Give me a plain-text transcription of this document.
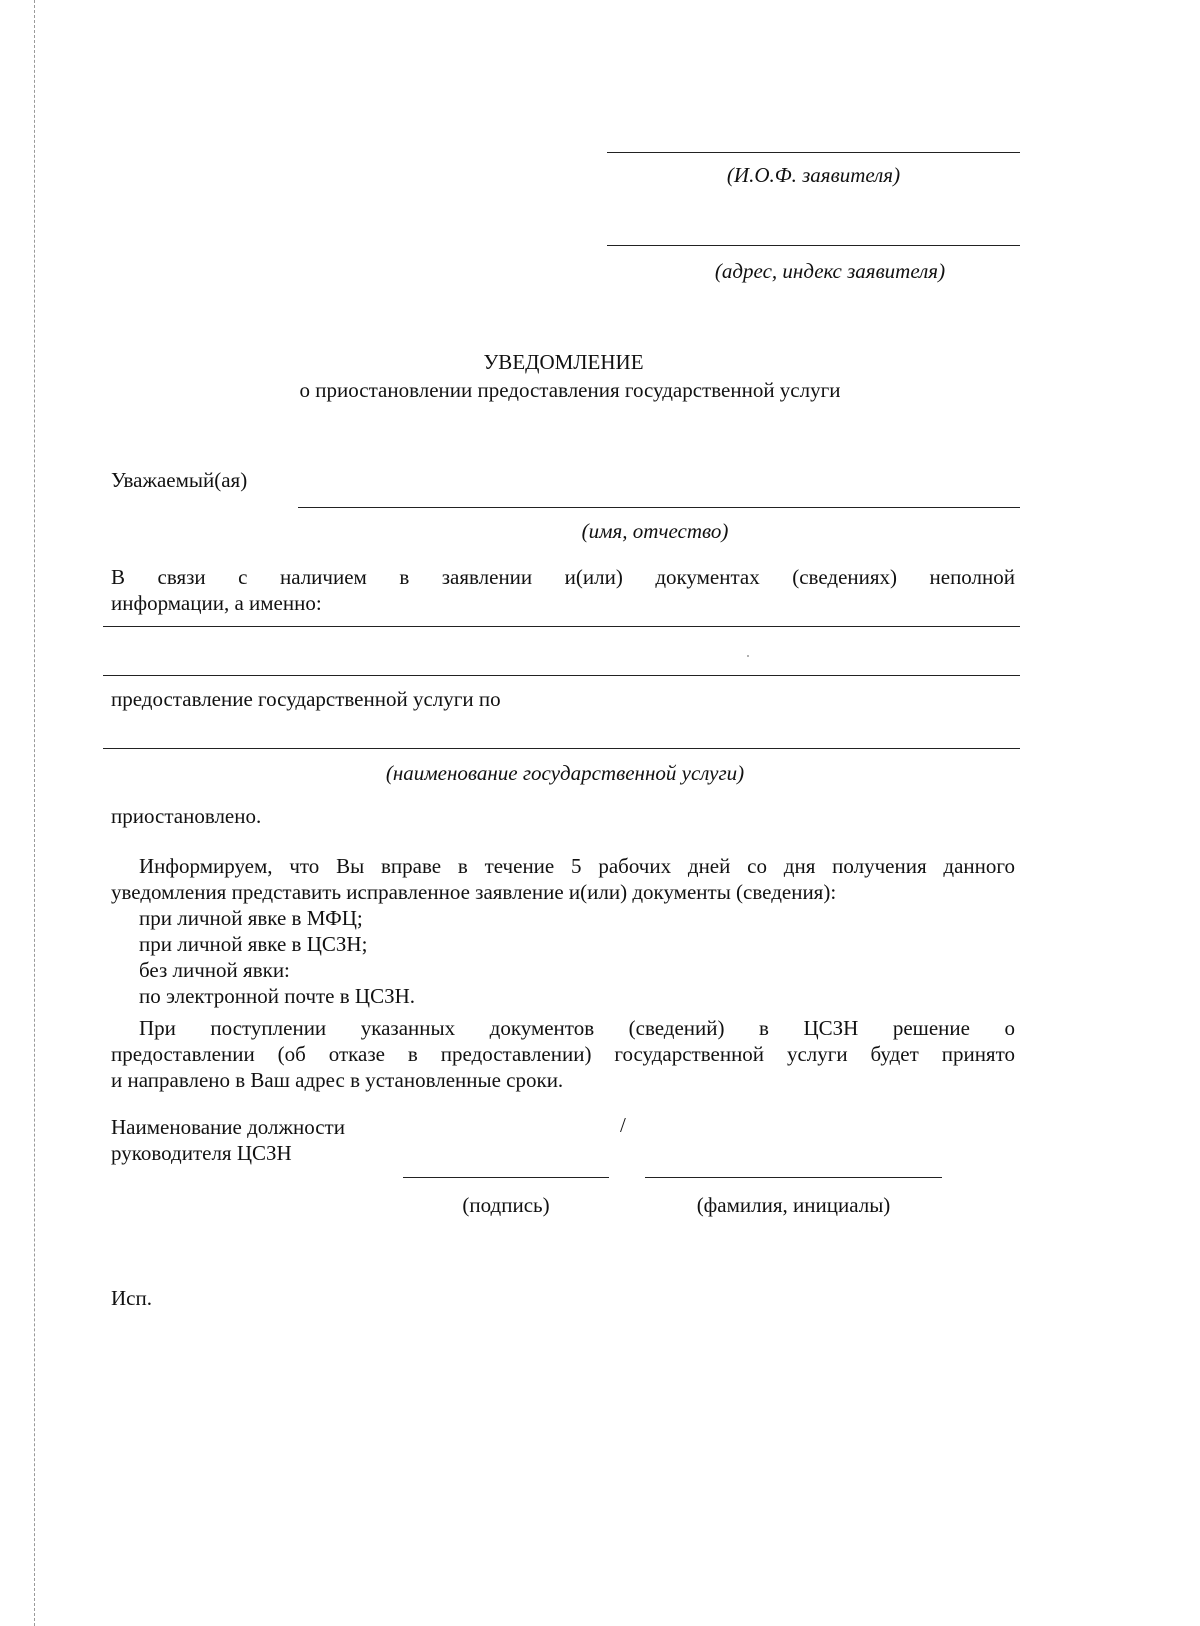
(И.О.Ф. заявителя)
(адрес, индекс заявителя)
УВЕДОМЛЕНИЕ
о приостановлении предоставления государственной услуги
Уважаемый(ая)
(имя, отчество)
В связи с наличием в заявлении и(или) документах (сведениях) неполной
информации, а именно:
предоставление государственной услуги по
(наименование государственной услуги)
приостановлено.
Информируем, что Вы вправе в течение 5 рабочих дней со дня получения данного
уведомления представить исправленное заявление и(или) документы (сведения):
при личной явке в МФЦ;
при личной явке в ЦСЗН;
без личной явки:
по электронной почте в ЦСЗН.
При поступлении указанных документов (сведений) в ЦСЗН решение о
предоставлении (об отказе в предоставлении) государственной услуги будет принято
и направлено в Ваш адрес в установленные сроки.
Наименование должности
руководителя ЦСЗН
/
(подпись)	(фамилия, инициалы)
Исп.
